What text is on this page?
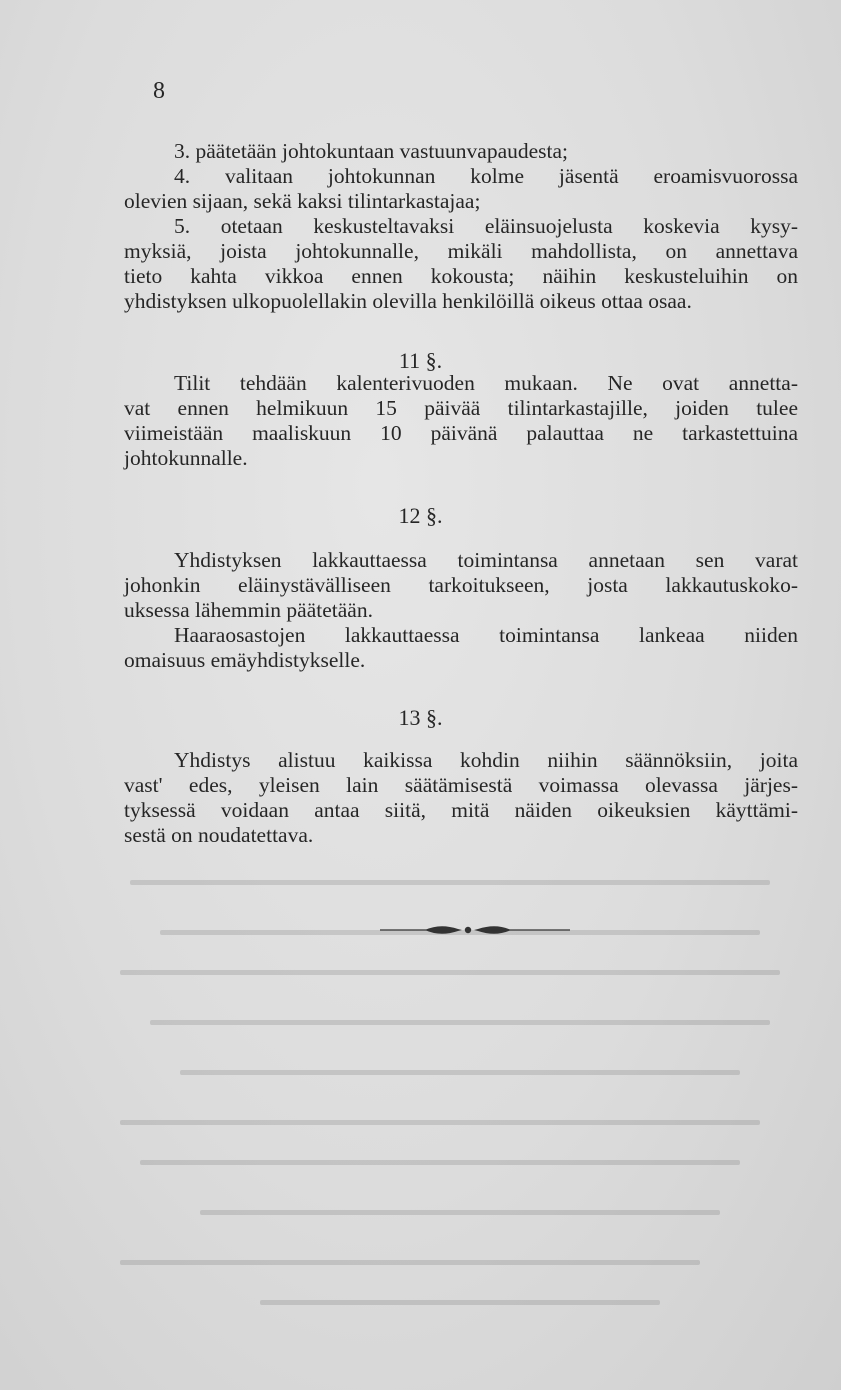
8
3. päätetään johtokuntaan vastuunvapaudesta;
4. valitaan johtokunnan kolme jäsentä eroamisvuorossa
olevien sijaan, sekä kaksi tilintarkastajaa;
5. otetaan keskusteltavaksi eläinsuojelusta koskevia kysy-
myksiä, joista johtokunnalle, mikäli mahdollista, on annettava
tieto kahta vikkoa ennen kokousta; näihin keskusteluihin on
yhdistyksen ulkopuolellakin olevilla henkilöillä oikeus ottaa osaa.
11 §.
Tilit tehdään kalenterivuoden mukaan. Ne ovat annetta-
vat ennen helmikuun 15 päivää tilintarkastajille, joiden tulee
viimeistään maaliskuun 10 päivänä palauttaa ne tarkastettuina
johtokunnalle.
12 §.
Yhdistyksen lakkauttaessa toimintansa annetaan sen varat
johonkin eläinystävälliseen tarkoitukseen, josta lakkautuskoko-
uksessa lähemmin päätetään.
Haaraosastojen lakkauttaessa toimintansa lankeaa niiden
omaisuus emäyhdistykselle.
13 §.
Yhdistys alistuu kaikissa kohdin niihin säännöksiin, joita
vast' edes, yleisen lain säätämisestä voimassa olevassa järjes-
tyksessä voidaan antaa siitä, mitä näiden oikeuksien käyttämi-
sestä on noudatettava.
